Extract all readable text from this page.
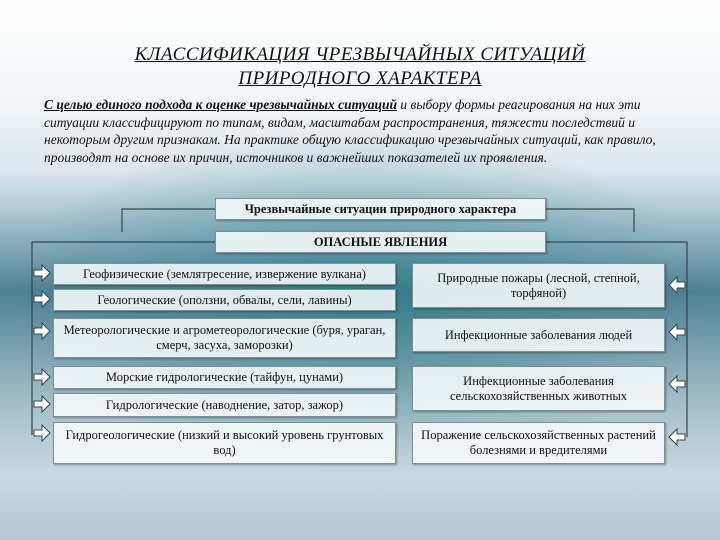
КЛАССИФИКАЦИЯ ЧРЕЗВЫЧАЙНЫХ СИТУАЦИЙ
ПРИРОДНОГО ХАРАКТЕРА
С целью единого подхода к оценке чрезвычайных ситуаций и выбору формы реагирования на них эти ситуации классифицируют по типам, видам, масштабам распространения, тяжести последствий и некоторым другим признакам. На практике общую классификацию чрезвычайных ситуаций, как правило, производят на основе их причин, источников и важнейших показателей их проявления.
Чрезвычайные ситуации природного характера
ОПАСНЫЕ ЯВЛЕНИЯ
Геофизические (землятресение, извержение вулкана)
Геологические (оползни, обвалы, сели, лавины)
Метеорологические и агрометеорологические (буря, ураган, смерч, засуха, заморозки)
Морские гидрологические (тайфун, цунами)
Гидрологические (наводнение, затор, зажор)
Гидрогеологические (низкий и высокий уровень грунтовых вод)
Природные пожары (лесной, степной, торфяной)
Инфекционные заболевания людей
Инфекционные заболевания сельскохозяйственных животных
Поражение сельскохозяйственных растений болезнями и вредителями
